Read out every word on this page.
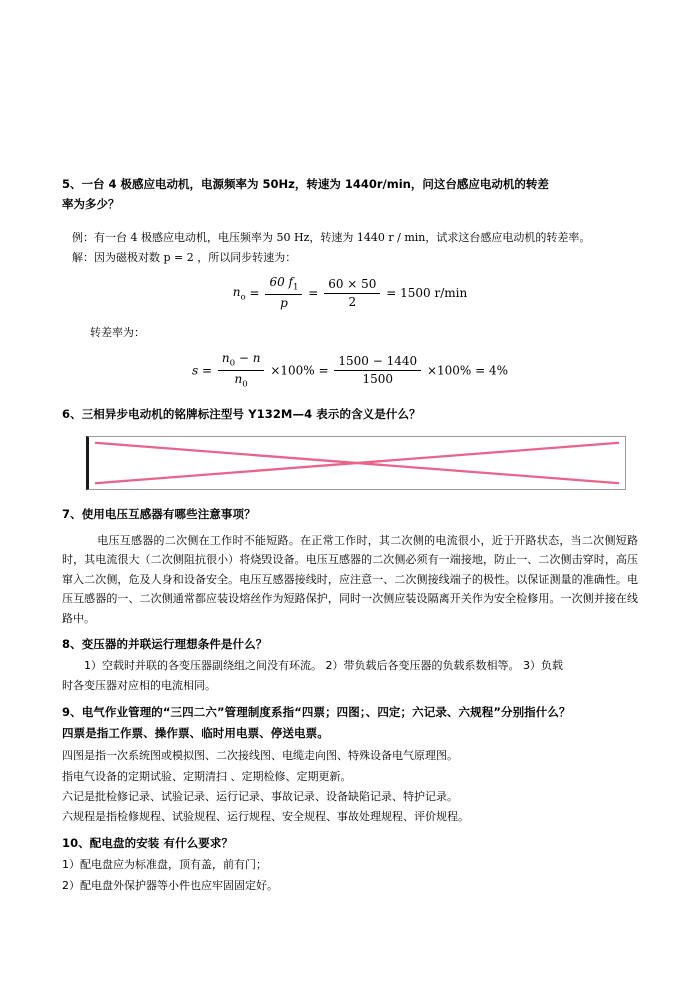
5、一台 4 极感应电动机，电源频率为 50Hz，转速为 1440r/min，问这台感应电动机的转差

率为多少？

例：有一台 4 极感应电动机，电压频率为 50 Hz，转速为 1440 r / min，试求这台感应电动机的转差率。
解：因为磁极对数 p = 2 ，所以同步转速为：
$n_o = \frac{60 f_1}{p} = \frac{60 \times 50}{2} = 1500$ r/min
转差率为：
$s = \frac{n_0 - n}{n_0} \times 100\% = \frac{1500 - 1440}{1500} \times 100\% = 4\%$

6、三相异步电动机的铭牌标注型号 Y132M—4 表示的含义是什么？

7、使用电压互感器有哪些注意事项？

电压互感器的二次侧在工作时不能短路。在正常工作时，其二次侧的电流很小，近于开路状态，当二次侧短路时，其电流很大（二次侧阻抗很小）将烧毁设备。电压互感器的二次侧必须有一端接地，防止一、二次侧击穿时，高压窜入二次侧，危及人身和设备安全。电压互感器接线时，应注意一、二次侧接线端子的极性。以保证测量的准确性。电压互感器的一、二次侧通常都应装设熔丝作为短路保护，同时一次侧应装设隔离开关作为安全检修用。一次侧并接在线路中。

8、变压器的并联运行理想条件是什么？

1）空载时并联的各变压器副绕组之间没有环流。 2）带负载后各变压器的负载系数相等。 3）负载

时各变压器对应相的电流相同。

9、电气作业管理的“三四二六”管理制度系指“四票；四图；、四定；六记录、六规程”分别指什么？

四票是指工作票、操作票、临时用电票、停送电票。

四图是指一次系统图或模拟图、二次接线图、电缆走向图、特殊设备电气原理图。

指电气设备的定期试验、定期清扫 、定期检修、定期更新。

六记是批检修记录、试验记录、运行记录、事故记录、设备缺陷记录、特护记录。

六规程是指检修规程、试验规程、运行规程、安全规程、事故处理规程、评价规程。

10、配电盘的安装 有什么要求？

1）配电盘应为标准盘，顶有盖，前有门；

2）配电盘外保护器等小件也应牢固固定好。
